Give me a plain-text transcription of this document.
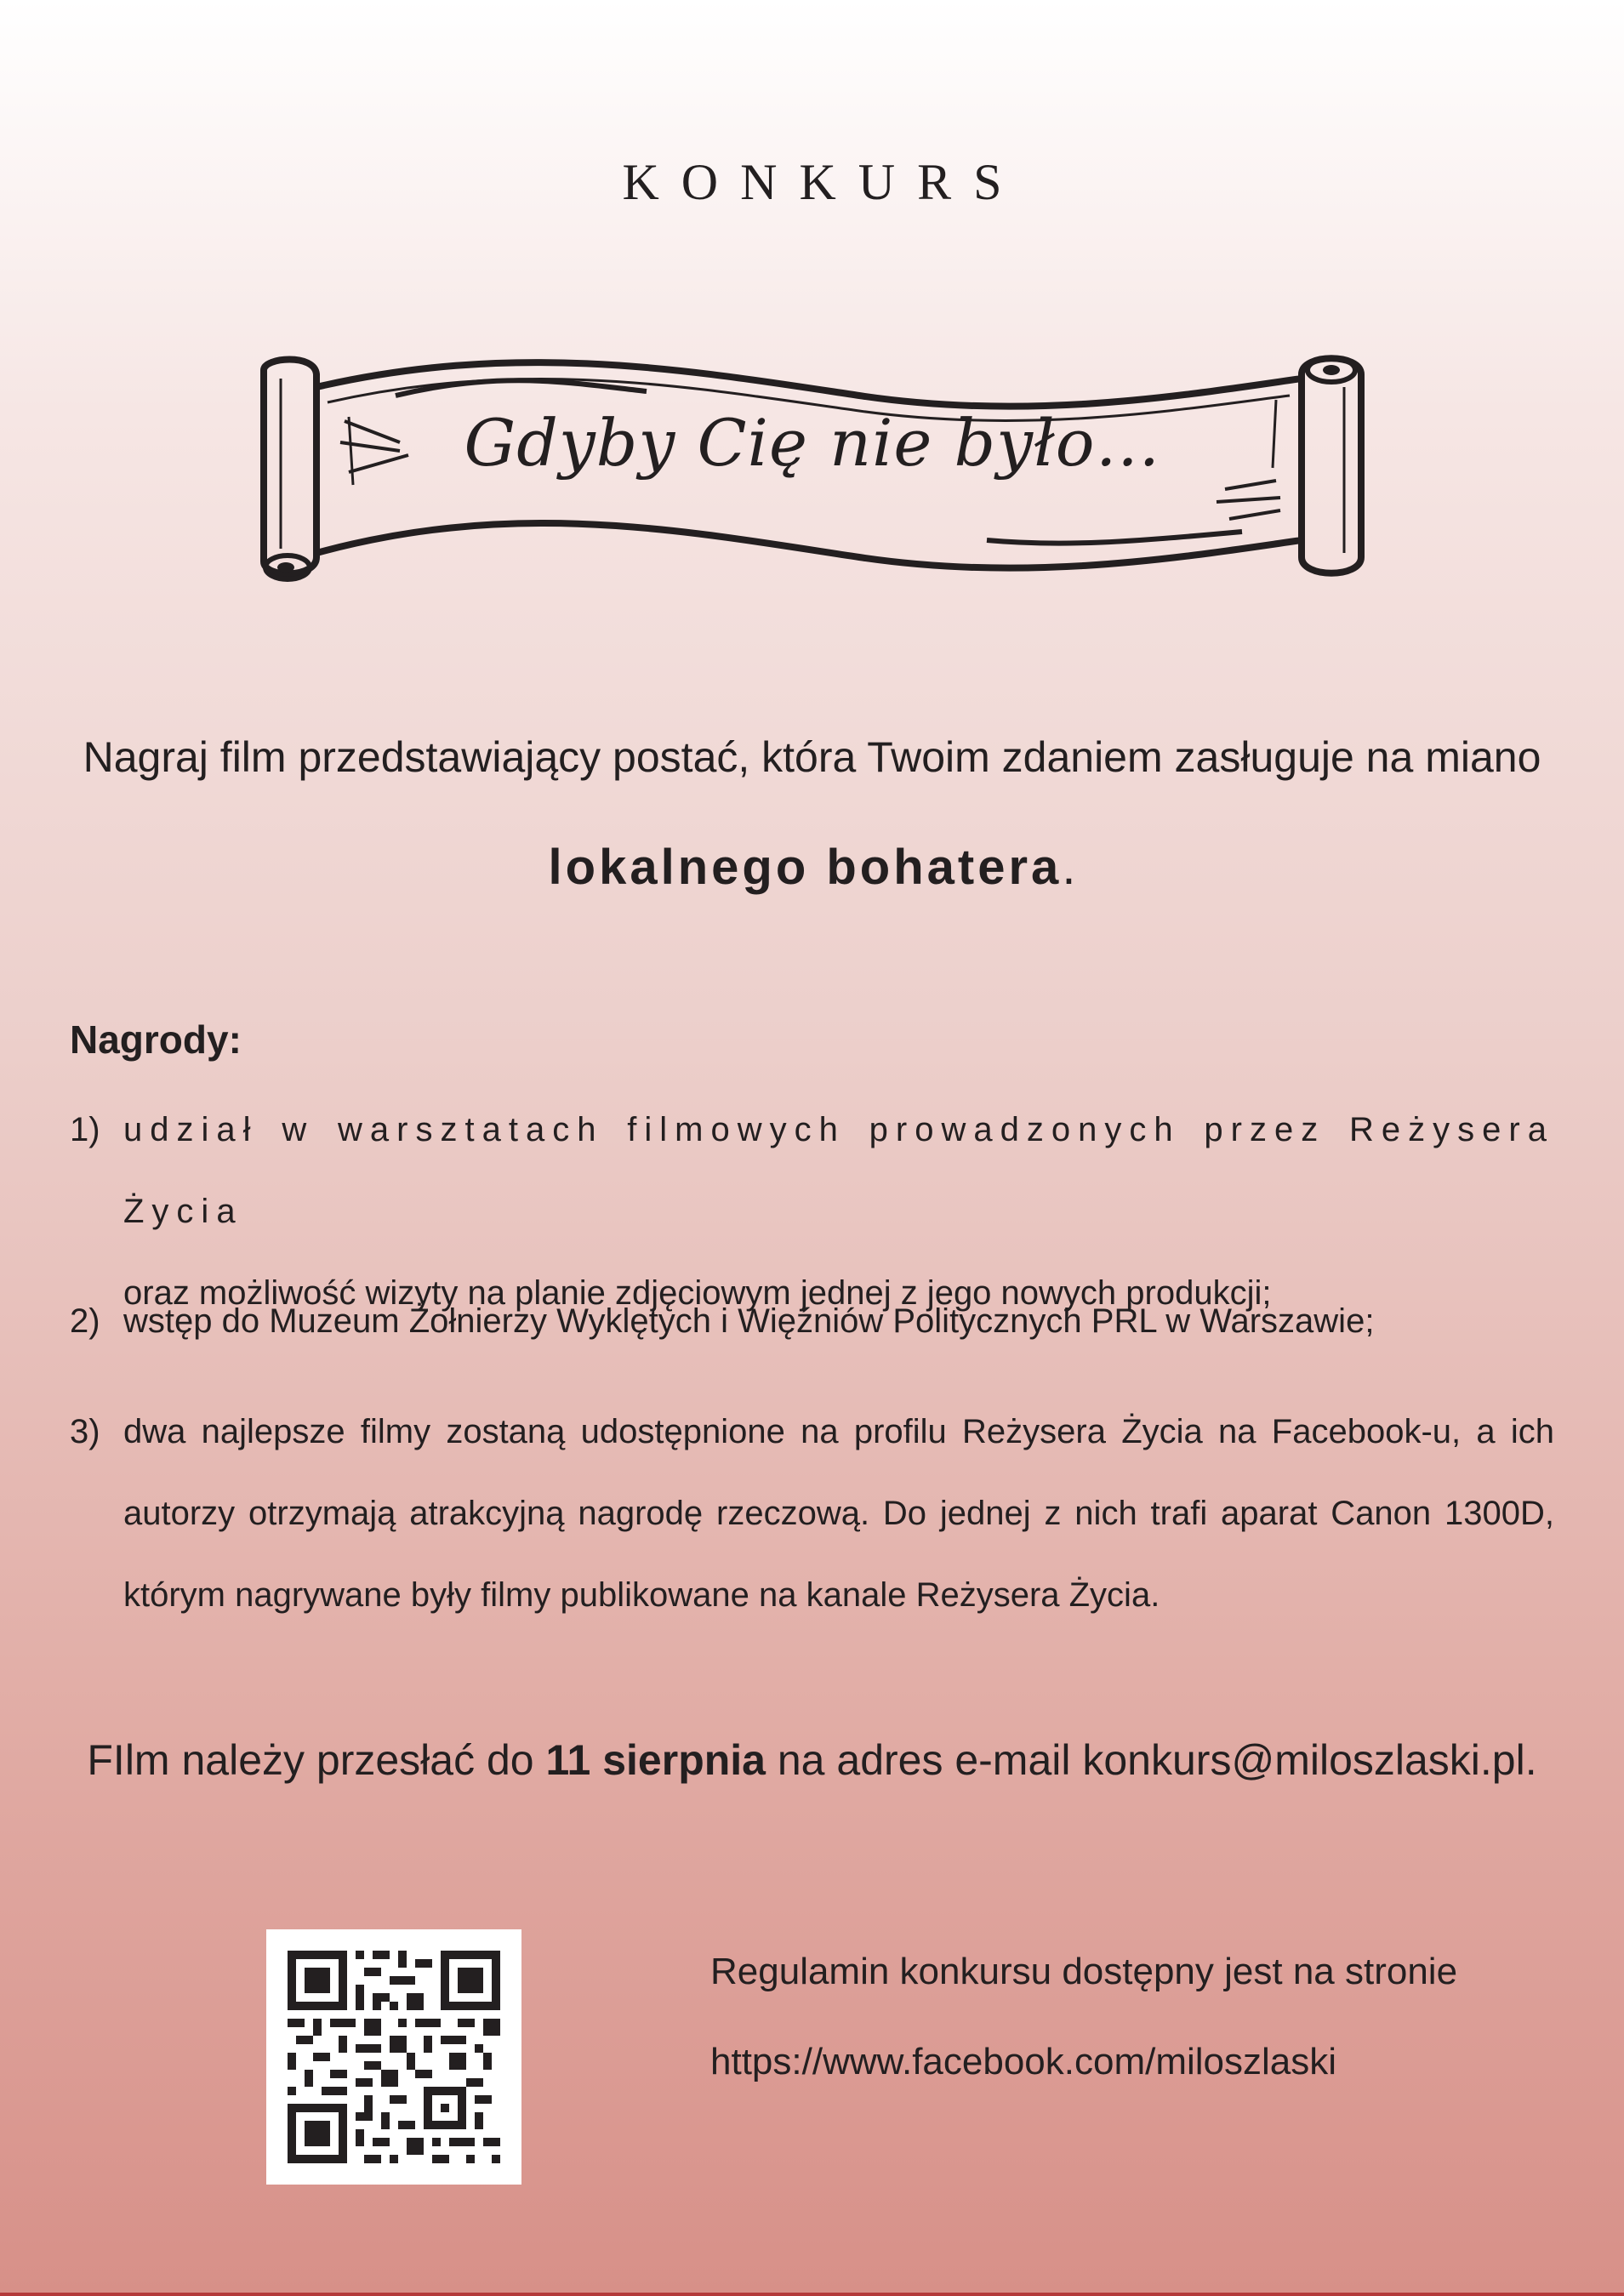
KONKURS
Gdyby Cię nie było…
Nagraj film przedstawiający postać, która Twoim zdaniem zasługuje na miano
lokalnego bohatera.
Nagrody:
1) udział w warsztatach filmowych prowadzonych przez Reżysera Życia
oraz możliwość wizyty na planie zdjęciowym jednej z jego nowych produkcji;
2) wstęp do Muzeum Żołnierzy Wyklętych i Więźniów Politycznych PRL w Warszawie;
3) dwa najlepsze filmy zostaną udostępnione na profilu Reżysera Życia na Facebook-u, a ich autorzy otrzymają atrakcyjną nagrodę rzeczową. Do jednej z nich trafi aparat Canon 1300D, którym nagrywane były filmy publikowane na kanale Reżysera Życia.
FIlm należy przesłać do 11 sierpnia na adres e-mail konkurs@miloszlaski.pl.
Regulamin konkursu dostępny jest na stronie
https://www.facebook.com/miloszlaski
